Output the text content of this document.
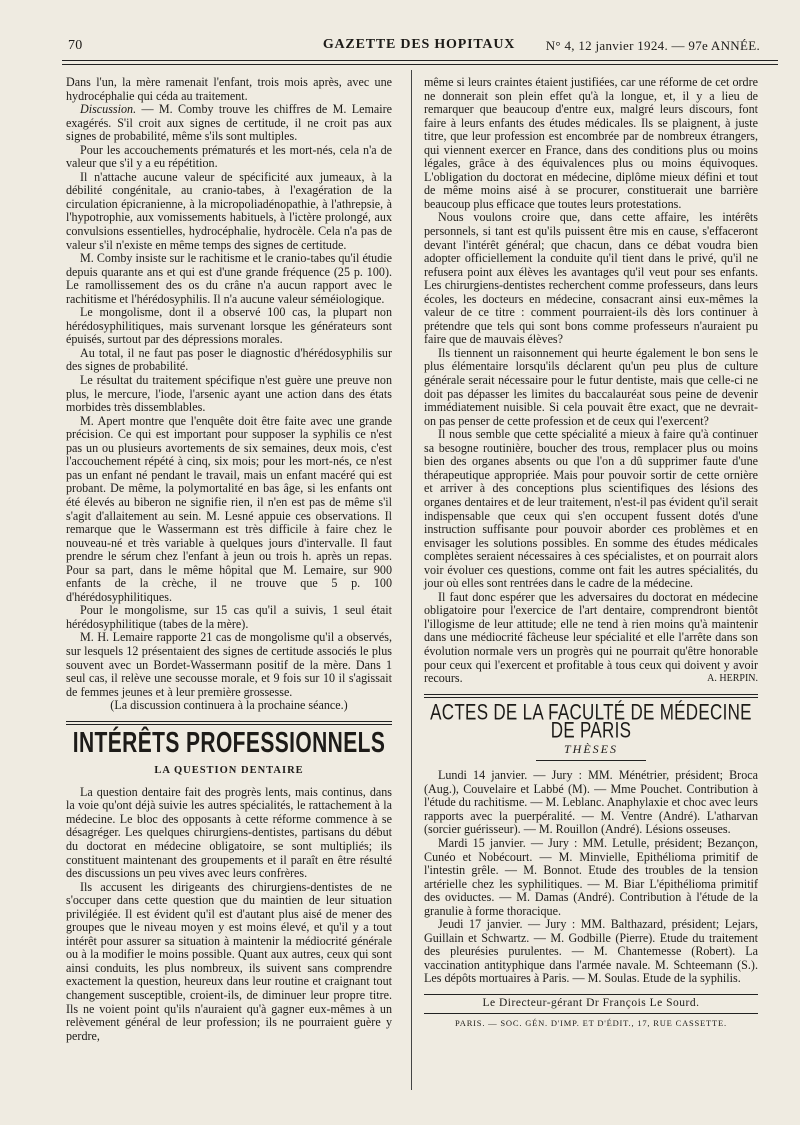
70	GAZETTE DES HOPITAUX	N° 4, 12 janvier 1924. — 97e ANNÉE.

Dans l'un, la mère ramenait l'enfant, trois mois après, avec une hydrocéphalie qui céda au traitement.

Discussion. — M. Comby trouve les chiffres de M. Lemaire exagérés. S'il croit aux signes de certitude, il ne croit pas aux signes de probabilité, même s'ils sont multiples.

Pour les accouchements prématurés et les mort-nés, cela n'a de valeur que s'il y a eu répétition.

Il n'attache aucune valeur de spécificité aux jumeaux, à la débilité congénitale, au cranio-tabes, à l'exagération de la circulation épicranienne, à la micropoliadénopathie, à l'athrepsie, à l'hypotrophie, aux vomissements habituels, à l'ictère prolongé, aux convulsions essentielles, hydrocéphalie, hydrocèle. Cela n'a pas de valeur s'il n'existe en même temps des signes de certitude.

M. Comby insiste sur le rachitisme et le cranio-tabes qu'il étudie depuis quarante ans et qui est d'une grande fréquence (25 p. 100). Le ramollissement des os du crâne n'a aucun rapport avec le rachitisme et l'hérédosyphilis. Il n'a aucune valeur séméiologique.

Le mongolisme, dont il a observé 100 cas, la plupart non hérédosyphilitiques, mais survenant lorsque les générateurs sont épuisés, surtout par des dépressions morales.

Au total, il ne faut pas poser le diagnostic d'hérédosyphilis sur des signes de probabilité.

Le résultat du traitement spécifique n'est guère une preuve non plus, le mercure, l'iode, l'arsenic ayant une action dans des états morbides très dissemblables.

M. Apert montre que l'enquête doit être faite avec une grande précision. Ce qui est important pour supposer la syphilis ce n'est pas un ou plusieurs avortements de six semaines, deux mois, c'est l'accouchement répété à cinq, six mois; pour les mort-nés, ce n'est pas un enfant né pendant le travail, mais un enfant macéré qui est probant. De même, la polymortalité en bas âge, si les enfants ont été élevés au biberon ne signifie rien, il n'en est pas de même s'il s'agit d'allaitement au sein. M. Lesné appuie ces observations. Il remarque que le Wassermann est très difficile à faire chez le nouveau-né et très variable à quelques jours d'intervalle. Il faut prendre le sérum chez l'enfant à jeun ou trois h. après un repas. Pour sa part, dans le même hôpital que M. Lemaire, sur 900 enfants de la crèche, il ne trouve que 5 p. 100 d'hérédosyphilitiques.

Pour le mongolisme, sur 15 cas qu'il a suivis, 1 seul était hérédosyphilitique (tabes de la mère).

M. H. Lemaire rapporte 21 cas de mongolisme qu'il a observés, sur lesquels 12 présentaient des signes de certitude associés le plus souvent avec un Bordet-Wassermann positif de la mère. Dans 1 seul cas, il relève une secousse morale, et 9 fois sur 10 il s'agissait de femmes jeunes et à leur première grossesse.

(La discussion continuera à la prochaine séance.)

INTÉRÊTS PROFESSIONNELS
LA QUESTION DENTAIRE

La question dentaire fait des progrès lents, mais continus, dans la voie qu'ont déjà suivie les autres spécialités, le rattachement à la médecine. Le bloc des opposants à cette réforme commence à se désagréger. Les quelques chirurgiens-dentistes, partisans du début du doctorat en médecine obligatoire, se sont multipliés; ils constituent maintenant des groupements et il paraît en être résulté des discussions un peu vives avec leurs confrères.

Ils accusent les dirigeants des chirurgiens-dentistes de ne s'occuper dans cette question que du maintien de leur situation privilégiée. Il est évident qu'il est d'autant plus aisé de mener des groupes que le niveau moyen y est moins élevé, et qu'il y a tout intérêt pour assurer sa situation à maintenir la médiocrité générale ou à la modifier le moins possible. Quant aux autres, ceux qui sont ainsi conduits, les plus nombreux, ils suivent sans comprendre exactement la question, heureux dans leur routine et craignant tout changement susceptible, croient-ils, de diminuer leur propre titre. Ils ne voient point qu'ils n'auraient qu'à gagner eux-mêmes à un relèvement général de leur profession; ils ne pourraient guère y perdre,

même si leurs craintes étaient justifiées, car une réforme de cet ordre ne donnerait son plein effet qu'à la longue, et, il y a lieu de remarquer que beaucoup d'entre eux, malgré leurs discours, font faire à leurs enfants des études médicales. Ils se plaignent, à juste titre, que leur profession est encombrée par de nombreux étrangers, qui viennent exercer en France, dans des conditions plus ou moins légales, grâce à des équivalences plus ou moins équivoques. L'obligation du doctorat en médecine, diplôme mieux défini et tout de même moins aisé à se procurer, constituerait une barrière beaucoup plus efficace que toutes leurs protestations.

Nous voulons croire que, dans cette affaire, les intérêts personnels, si tant est qu'ils puissent être mis en cause, s'effaceront devant l'intérêt général; que chacun, dans ce débat voudra bien adopter officiellement la conduite qu'il tient dans le privé, qu'il ne refusera point aux élèves les avantages qu'il veut pour ses enfants. Les chirurgiens-dentistes recherchent comme professeurs, dans leurs écoles, les docteurs en médecine, consacrant ainsi eux-mêmes la valeur de ce titre : comment pourraient-ils dès lors continuer à prétendre que tels qui sont bons comme professeurs n'auraient pu faire que de mauvais élèves?

Ils tiennent un raisonnement qui heurte également le bon sens le plus élémentaire lorsqu'ils déclarent qu'un peu plus de culture générale serait nécessaire pour le futur dentiste, mais que celle-ci ne doit pas dépasser les limites du baccalauréat sous peine de devenir immédiatement nuisible. Si cela pouvait être exact, que ne devrait-on pas penser de cette profession et de ceux qui l'exercent?

Il nous semble que cette spécialité a mieux à faire qu'à continuer sa besogne routinière, boucher des trous, remplacer plus ou moins bien des organes absents ou que l'on a dû supprimer faute d'une thérapeutique appropriée. Mais pour pouvoir sortir de cette ornière et arriver à des conceptions plus scientifiques des lésions des organes dentaires et de leur traitement, n'est-il pas évident qu'il serait indispensable que ceux qui s'en occupent fussent dotés d'une instruction suffisante pour pouvoir aborder ces problèmes et en envisager les solutions possibles. En somme des études médicales complètes seraient nécessaires à ces spécialistes, et on pourrait alors voir évoluer ces questions, comme ont fait les autres spécialités, du jour où elles sont rentrées dans le cadre de la médecine.

Il faut donc espérer que les adversaires du doctorat en médecine obligatoire pour l'exercice de l'art dentaire, comprendront bientôt l'illogisme de leur attitude; elle ne tend à rien moins qu'à maintenir dans une médiocrité fâcheuse leur spécialité et elle l'arrête dans son évolution normale vers un progrès qui ne pourrait qu'être honorable pour ceux qui l'exercent et profitable à tous ceux qui doivent y avoir recours.	A. HERPIN.

ACTES DE LA FACULTÉ DE MÉDECINE DE PARIS
THÈSES

Lundi 14 janvier. — Jury : MM. Ménétrier, président; Broca (Aug.), Couvelaire et Labbé (M). — Mme Pouchet. Contribution à l'étude du rachitisme. — M. Leblanc. Anaphylaxie et choc avec leurs rapports avec la puerpéralité. — M. Ventre (André). L'atharvan (sorcier guérisseur). — M. Rouillon (André). Lésions osseuses.

Mardi 15 janvier. — Jury : MM. Letulle, président; Bezançon, Cunéo et Nobécourt. — M. Minvielle, Epithélioma primitif de l'intestin grêle. — M. Bonnot. Etude des troubles de la tension artérielle chez les syphilitiques. — M. Biar L'épithélioma primitif des oviductes. — M. Damas (André). Contribution à l'étude de la granulie à forme thoracique.

Jeudi 17 janvier. — Jury : MM. Balthazard, président; Lejars, Guillain et Schwartz. — M. Godbille (Pierre). Etude du traitement des pleurésies purulentes. — M. Chantemesse (Robert). La vaccination antityphique dans l'armée navale. M. Schteemann (S.). Les dépôts mortuaires à Paris. — M. Soulas. Etude de la syphilis.

Le Directeur-gérant Dr François Le Sourd.
PARIS. — SOC. GÉN. D'IMP. ET D'ÉDIT., 17, RUE CASSETTE.
